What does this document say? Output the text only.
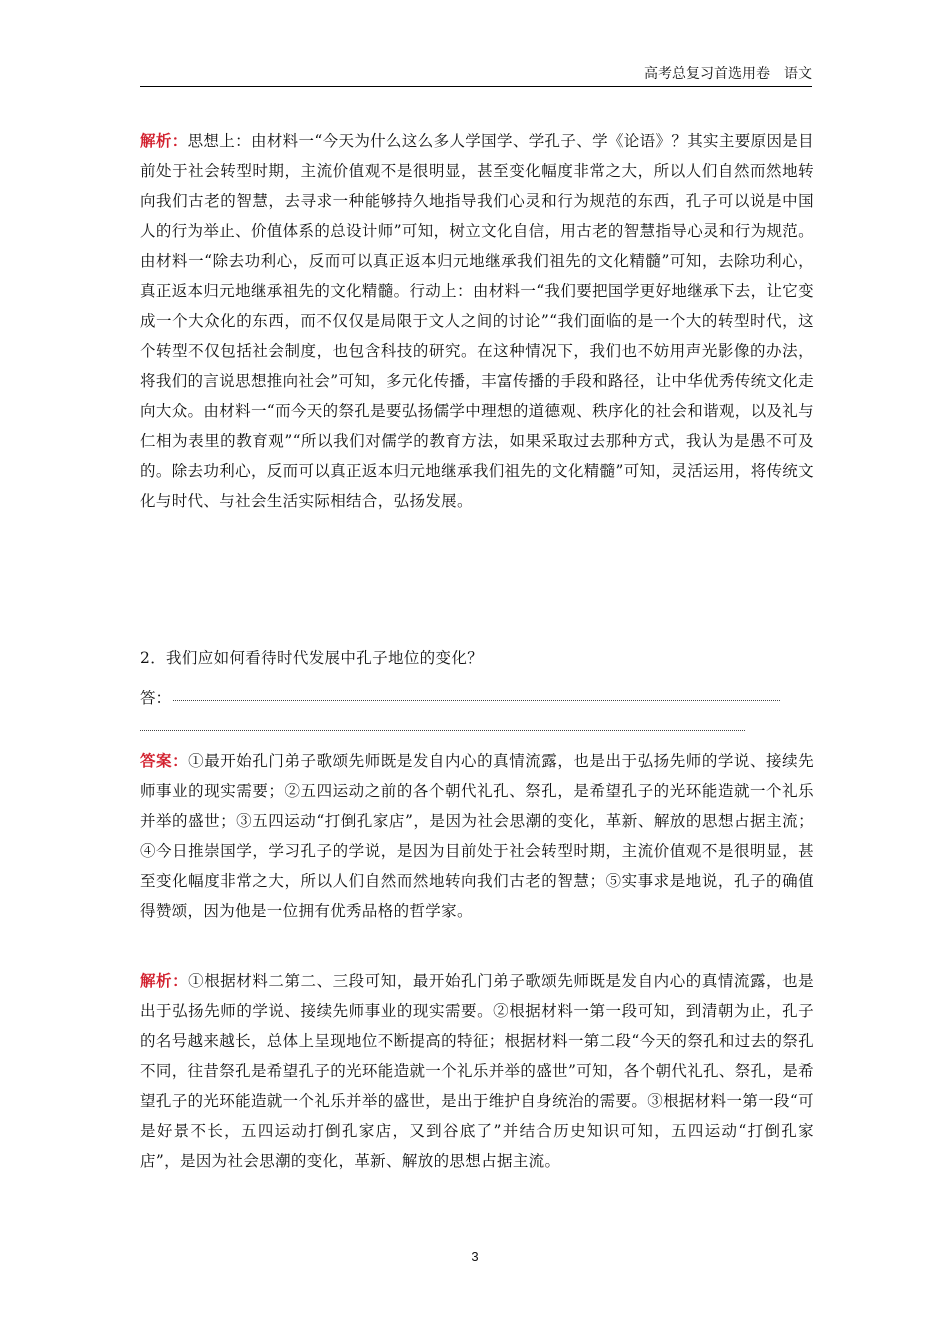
高考总复习首选用卷　语文
解析：思想上：由材料一“今天为什么这么多人学国学、学孔子、学《论语》？其实主要原因是目前处于社会转型时期，主流价值观不是很明显，甚至变化幅度非常之大，所以人们自然而然地转向我们古老的智慧，去寻求一种能够持久地指导我们心灵和行为规范的东西，孔子可以说是中国人的行为举止、价值体系的总设计师”可知，树立文化自信，用古老的智慧指导心灵和行为规范。由材料一“除去功利心，反而可以真正返本归元地继承我们祖先的文化精髓”可知，去除功利心，真正返本归元地继承祖先的文化精髓。行动上：由材料一“我们要把国学更好地继承下去，让它变成一个大众化的东西，而不仅仅是局限于文人之间的讨论”“我们面临的是一个大的转型时代，这个转型不仅包括社会制度，也包含科技的研究。在这种情况下，我们也不妨用声光影像的办法，将我们的言说思想推向社会”可知，多元化传播，丰富传播的手段和路径，让中华优秀传统文化走向大众。由材料一“而今天的祭孔是要弘扬儒学中理想的道德观、秩序化的社会和谐观，以及礼与仁相为表里的教育观”“所以我们对儒学的教育方法，如果采取过去那种方式，我认为是愚不可及的。除去功利心，反而可以真正返本归元地继承我们祖先的文化精髓”可知，灵活运用，将传统文化与时代、与社会生活实际相结合，弘扬发展。
2．我们应如何看待时代发展中孔子地位的变化？
答：
答案：①最开始孔门弟子歌颂先师既是发自内心的真情流露，也是出于弘扬先师的学说、接续先师事业的现实需要；②五四运动之前的各个朝代礼孔、祭孔，是希望孔子的光环能造就一个礼乐并举的盛世；③五四运动“打倒孔家店”，是因为社会思潮的变化，革新、解放的思想占据主流；④今日推崇国学，学习孔子的学说，是因为目前处于社会转型时期，主流价值观不是很明显，甚至变化幅度非常之大，所以人们自然而然地转向我们古老的智慧；⑤实事求是地说，孔子的确值得赞颂，因为他是一位拥有优秀品格的哲学家。
解析：①根据材料二第二、三段可知，最开始孔门弟子歌颂先师既是发自内心的真情流露，也是出于弘扬先师的学说、接续先师事业的现实需要。②根据材料一第一段可知，到清朝为止，孔子的名号越来越长，总体上呈现地位不断提高的特征；根据材料一第二段“今天的祭孔和过去的祭孔不同，往昔祭孔是希望孔子的光环能造就一个礼乐并举的盛世”可知，各个朝代礼孔、祭孔，是希望孔子的光环能造就一个礼乐并举的盛世，是出于维护自身统治的需要。③根据材料一第一段“可是好景不长，五四运动打倒孔家店，又到谷底了”并结合历史知识可知，五四运动“打倒孔家店”，是因为社会思潮的变化，革新、解放的思想占据主流。
3
